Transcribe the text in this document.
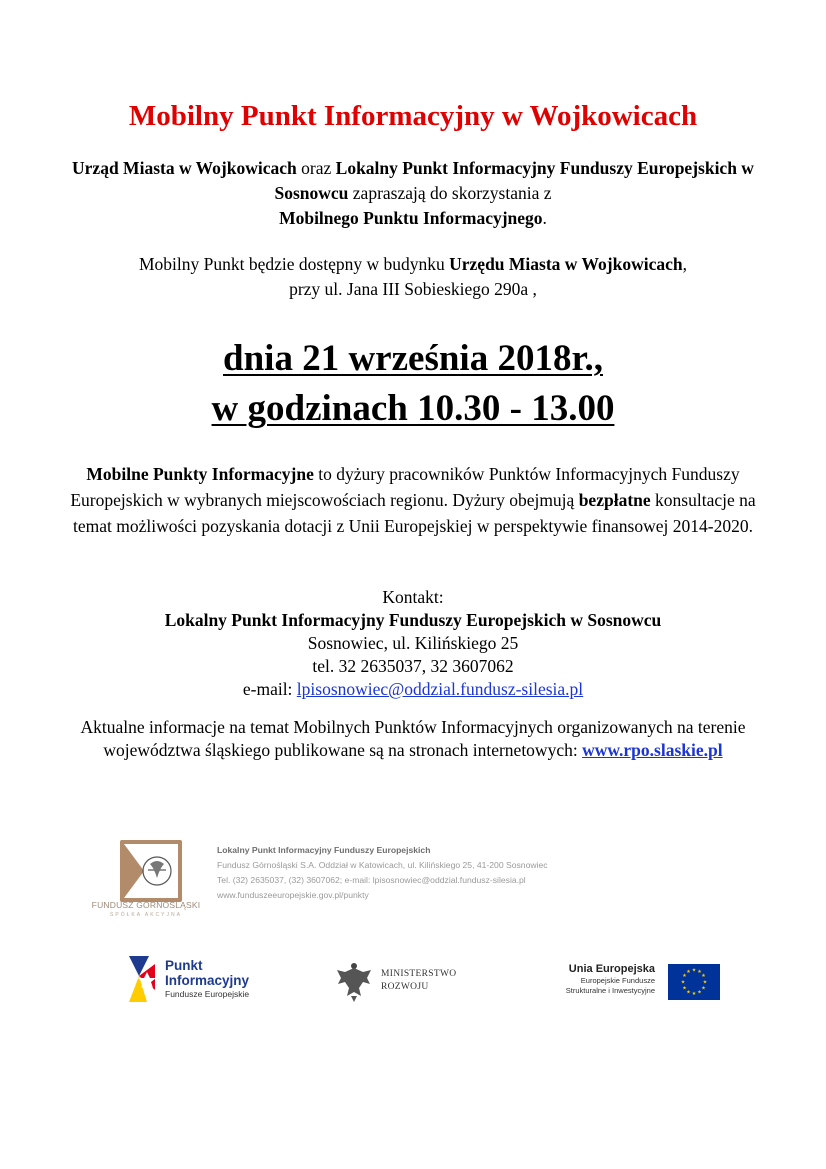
Mobilny Punkt Informacyjny w Wojkowicach
Urząd Miasta w Wojkowicach oraz Lokalny Punkt Informacyjny Funduszy Europejskich w Sosnowcu zapraszają do skorzystania z
Mobilnego Punktu Informacyjnego.
Mobilny Punkt będzie dostępny w budynku Urzędu Miasta w Wojkowicach,
przy ul. Jana III Sobieskiego 290a ,
dnia 21 września 2018r.,
w godzinach 10.30 - 13.00
Mobilne Punkty Informacyjne to dyżury pracowników Punktów Informacyjnych Funduszy Europejskich w wybranych miejscowościach regionu. Dyżury obejmują bezpłatne konsultacje na temat możliwości pozyskania dotacji z Unii Europejskiej w perspektywie finansowej 2014-2020.
Kontakt:
Lokalny Punkt Informacyjny Funduszy Europejskich w Sosnowcu
Sosnowiec, ul. Kilińskiego 25
tel. 32 2635037, 32 3607062
e-mail: lpisosnowiec@oddzial.fundusz-silesia.pl
Aktualne informacje na temat Mobilnych Punktów Informacyjnych organizowanych na terenie województwa śląskiego publikowane są na stronach internetowych: www.rpo.slaskie.pl
FUNDUSZ GÓRNOŚLĄSKI
SPÓŁKA AKCYJNA
Lokalny Punkt Informacyjny Funduszy Europejskich
Fundusz Górnośląski S.A. Oddział w Katowicach, ul. Kilińskiego 25, 41-200 Sosnowiec
Tel. (32) 2635037, (32) 3607062; e-mail: lpisosnowiec@oddzial.fundusz-silesia.pl
www.funduszeeuropejskie.gov.pl/punkty
Punkt
Informacyjny
Fundusze Europejskie
MINISTERSTWO
ROZWOJU
Unia Europejska
Europejskie Fundusze
Strukturalne i Inwestycyjne
★ ★
★
★
★
★
★
★
★
★
★
★
